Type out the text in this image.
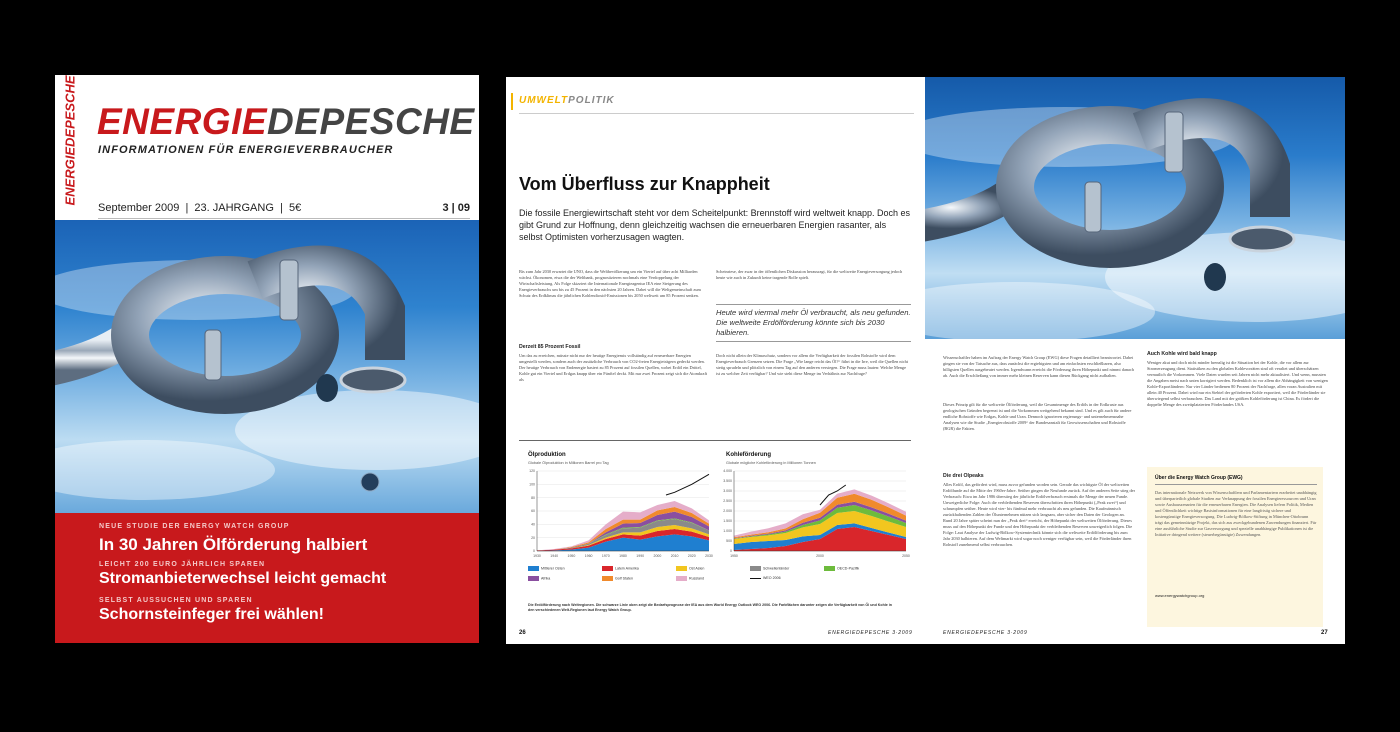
ENERGIEDEPESCHE ENERGIEDEPESCHE
INFORMATIONEN FÜR ENERGIEVERBRAUCHER
September 2009  |  23. JAHRGANG  |  5€	3 | 09
NEUE STUDIE DER ENERGY WATCH GROUP
In 30 Jahren Ölförderung halbiert
LEICHT 200 EURO JÄHRLICH SPAREN
Stromanbieterwechsel leicht gemacht
SELBST AUSSUCHEN UND SPAREN
Schornsteinfeger frei wählen!
UMWELTPOLITIK
Vom Überfluss zur Knappheit
Die fossile Energiewirtschaft steht vor dem Scheitelpunkt: Brennstoff wird weltweit knapp. Doch es gibt Grund zur Hoffnung, denn gleichzeitig wachsen die erneuerbaren Energien rasanter, als selbst Optimisten vorherzusagen wagten.
Bis zum Jahr 2030 erwartet die UNO, dass die Weltbevölkerung um ein Viertel auf über acht Milliarden wächst. Ökonomen, etwa die der Weltbank, prognostizieren nochmals eine Verdoppelung der Wirtschaftsleistung. Als Folge skizziert die Internationale Energieagentur IEA eine Steigerung des Energieverbrauchs um bis zu 45 Prozent in den nächsten 20 Jahren. Dabei will die Weltgemeinschaft zum Schutz des Erdklimas die jährlichen Kohlendioxid-Emissionen bis 2050 weltweit um 85 Prozent senken.
Derzeit 85 Prozent Fossil
Um das zu erreichen, müsste nicht nur der heutige Energiemix vollständig auf erneuerbare Energien umgestellt werden, sondern auch der zusätzliche Verbrauch von CO2-freien Energieträgern gedeckt werden. Der heutige Verbrauch von Endenergie basiert zu 85 Prozent auf fossilen Quellen, wobei Erdöl ein Drittel, Kohle gut ein Viertel und Erdgas knapp über ein Fünftel deckt. Mit nur zwei Prozent zeigt sich die Atomkraft als
Scheinriese, der zwar in der öffentlichen Diskussion herausragt, für die weltweite Energieversorgung jedoch heute wie auch in Zukunft keine tragende Rolle spielt.
Heute wird viermal mehr Öl verbraucht, als neu gefunden. Die weltweite Erdölförderung könnte sich bis 2030 halbieren.
Doch nicht allein der Klimaschutz, sondern vor allem die Verfügbarkeit der fossilen Rohstoffe wird dem Energieverbrauch Grenzen setzen. Die Frage „Wie lange reicht das Öl?“ führt in die Irre, weil die Quellen nicht stetig sprudeln und plötzlich von einem Tag auf den anderen versiegen. Die Frage muss lauten: Welche Menge ist zu welcher Zeit verfügbar? Und wie steht diese Menge im Verhältnis zur Nachfrage?
Ölproduktion
Globale Ölproduktion in Millionen Barrel pro Tag
0
20
40
60
80
100
120
1930	1940	1950	1960	1970	1980	1990	2000	2010	2020	2030
Kohleförderung
Globale mögliche Kohleförderung in Millionen Tonnen
0
500
1.000
1.500
2.000
2.500
3.000
3.500
4.000
1950	2000	2050
Mittlerer Osten	Latein Amerika	Ost Asien	Schwellenländer	OECD-Pazifik
Afrika	Golf Staten	Russland	WEO 2006
Die Erdölförderung nach Weltregionen. Die schwarze Linie oben zeigt die Bedarfsprognose der IEA aus dem World Energy Outlook WEO 2006. Die Farbflächen darunter zeigen die Verfügbarkeit von Öl und Kohle in den verschiedenen Welt-Regionen laut Energy Watch Group.
26	ENERGIEDEPESCHE 3·2009
Wissenschaftler haben im Auftrag der Energy Watch Group (EWG) diese Fragen detailliert beantwortet. Dabei gingen sie von der Tatsache aus, dass zunächst die ergiebigsten und am einfachsten erschließbaren, also billigsten Quellen ausgebeutet werden. Irgendwann erreicht die Förderung ihren Höhepunkt und nimmt danach ab. Auch die Erschließung von immer mehr kleinen Reserven kann diesen Rückgang nicht aufhalten.
Dieses Prinzip gilt für die weltweite Ölförderung, weil die Gesamtmenge des Erdöls in der Erdkruste aus geologischen Gründen begrenzt ist und die Vorkommen weitgehend bekannt sind. Und es gilt auch für andere endliche Rohstoffe wie Erdgas, Kohle und Uran. Dennoch ignorieren regierungs- und unternehmensnahe Analysen wie die Studie „Energierohstoffe 2009“ der Bundesanstalt für Geowissenschaften und Rohstoffe (BGR) die Fakten.
Die drei Ölpeaks
Alles Erdöl, das gefördert wird, muss zuvor gefunden worden sein. Gerade das wichtigste Öl der weltweiten Erdölfunde auf die Mitte der 1960er-Jahre. Seither gingen die Neufunde zurück. Auf der anderen Seite stieg der Verbrauch: Etwa im Jahr 1986 überstieg der jährliche Erdölverbrauch erstmals die Menge der neuen Funde. Unweigerliche Folge: Auch die verbleibenden Reserven überschritten ihren Höhepunkt („Peak zwei“) und schrumpfen seither. Heute wird vier- bis fünfmal mehr verbraucht als neu gefunden. Die Kaufmännisch zurückhaltenden Zahlen der Ölunternehmen nützen sich langsam, aber sicher den Daten der Geologen an. Rund 20 Jahre später scheint nun der „Peak drei“ erreicht, der Höhepunkt der weltweiten Ölförderung. Dieses muss auf den Höhepunkt der Funde und den Höhepunkt der verbleibenden Reserven unweigerlich folgen. Die Folge: Laut Analyse der Ludwig-Bölkow-Systemtechnik könnte sich die weltweite Erdölförderung bis zum Jahr 2030 halbieren. Auf dem Weltmarkt wird sogar noch weniger verfügbar sein, weil die Förderländer ihren Rohstoff zunehmend selbst verbrauchen.
Auch Kohle wird bald knapp
Weniger akut und doch nicht minder brenzlig ist die Situation bei der Kohle, die vor allem zur Stromerzeugung dient. Statistiken zu den globalen Kohlevorräten sind oft veraltet und überschätzen vermutlich die Vorkommen. Viele Daten wurden seit Jahren nicht mehr aktualisiert. Und wenn, mussten die Angaben meist nach unten korrigiert werden. Bedenklich ist vor allem die Abhängigkeit von wenigen Kohle-Exportländern: Nur vier Länder bedienen 80 Prozent der Nachfrage, allen voran Australien mit allein 40 Prozent. Dabei wird nur ein Siebtel der geförderten Kohle exportiert, weil die Förderländer sie überwiegend selbst verbrauchen. Das Land mit der größten Kohleförderung ist China. Es fördert die doppelte Menge des zweitplatzierten Förderlandes USA.
Über die Energy Watch Group (EWG)
Das internationale Netzwerk von Wissenschaftlern und Parlamentariern erarbeitet unabhängig und überparteilich globale Studien zur Verknappung der fossilen Energieressourcen und Uran sowie Ausbauszenarien für die erneuerbaren Energien. Die Analysen liefern Politik, Medien und Öffentlichkeit wichtige Basisinformationen für eine langfristig sichere und kostengünstige Energieversorgung. Die Ludwig-Bölkow-Stiftung in München-Ottobrunn trägt das gemeinnützige Projekt, das sich aus zweckgebundenen Zuwendungen finanziert. Für eine ausführliche Studie zur Gasversorgung und spezielle unabhängige Publikationen ist die Initiative dringend weitere (steuerbegünstigte) Zuwendungen.
www.energywatchgroup.org
ENERGIEDEPESCHE 3·2009	27
